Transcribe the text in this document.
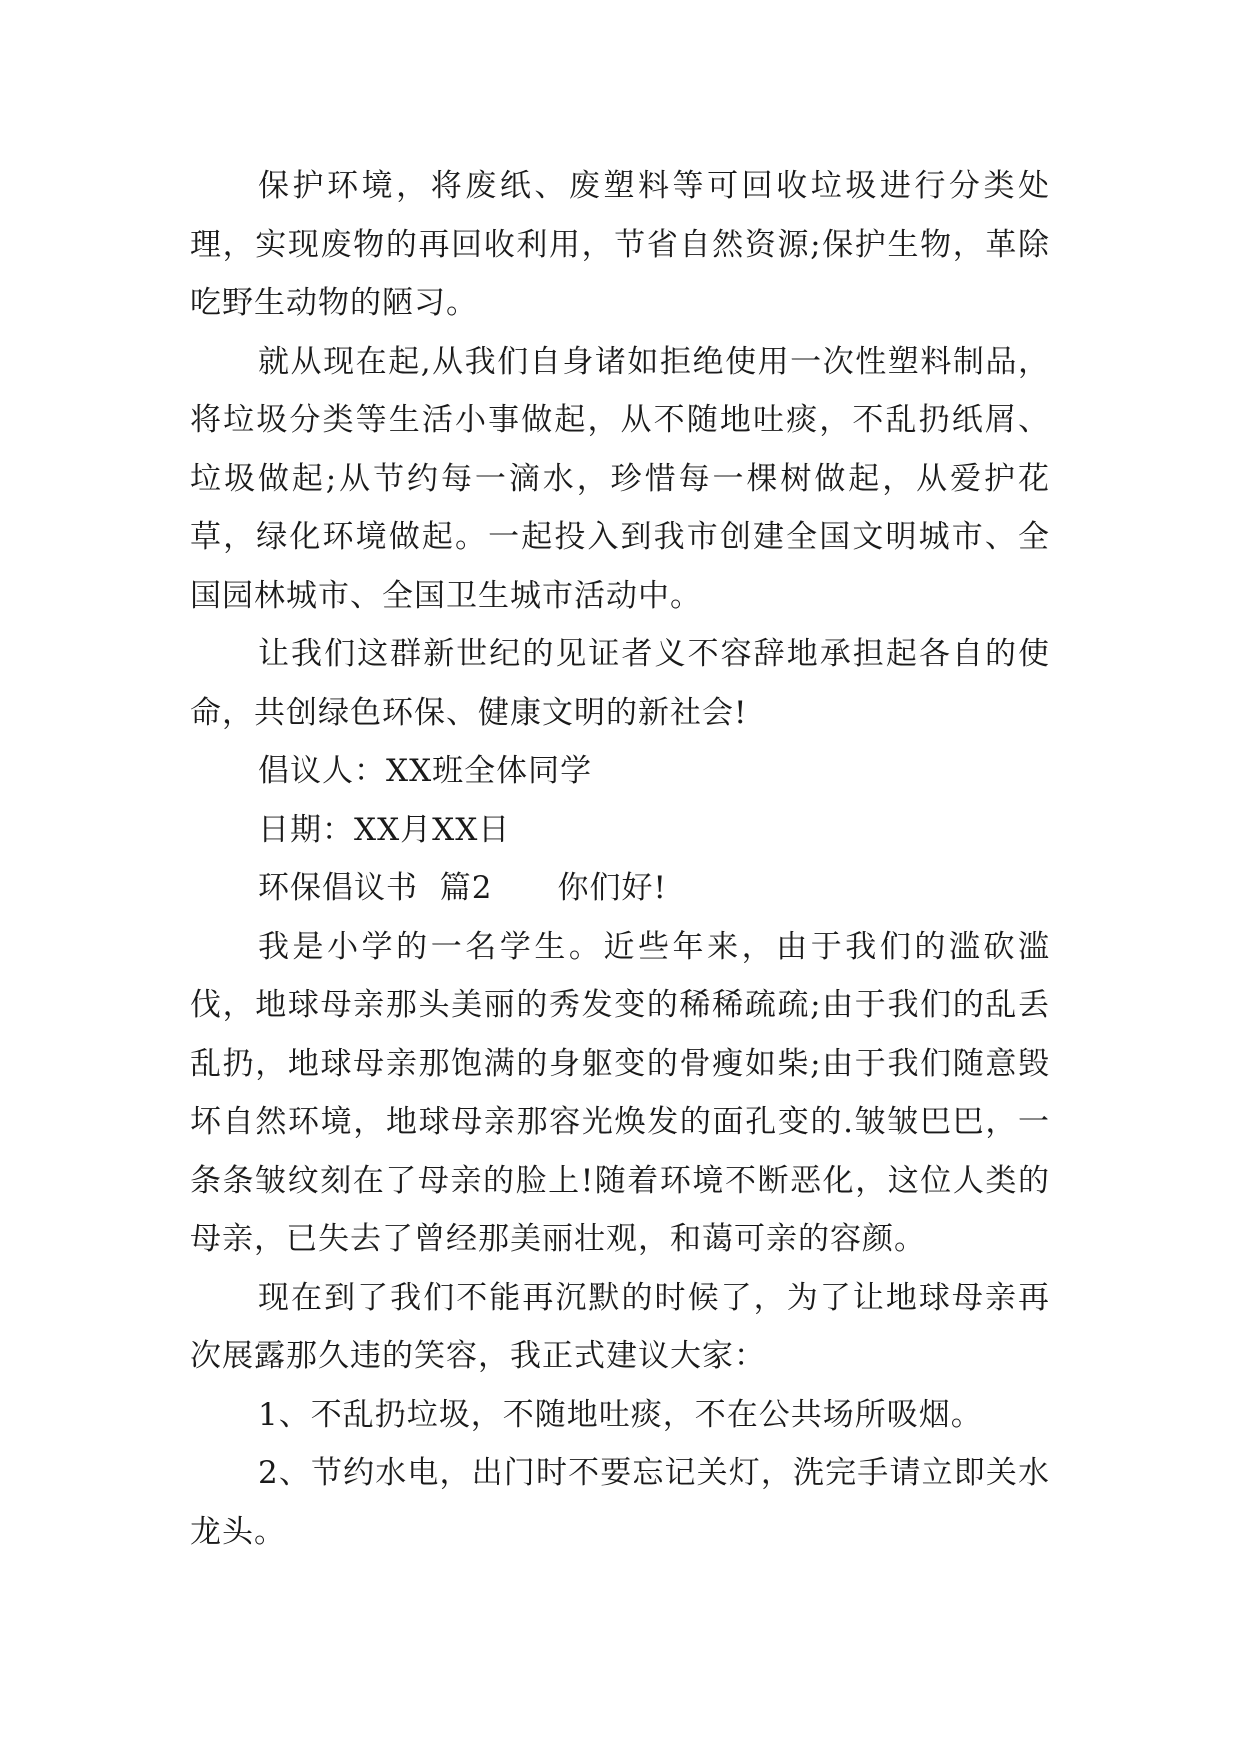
保护环境，将废纸、废塑料等可回收垃圾进行分类处理，实现废物的再回收利用，节省自然资源;保护生物，革除吃野生动物的陋习。

就从现在起,从我们自身诸如拒绝使用一次性塑料制品，将垃圾分类等生活小事做起，从不随地吐痰，不乱扔纸屑、垃圾做起;从节约每一滴水，珍惜每一棵树做起，从爱护花草，绿化环境做起。一起投入到我市创建全国文明城市、全国园林城市、全国卫生城市活动中。

让我们这群新世纪的见证者义不容辞地承担起各自的使命，共创绿色环保、健康文明的新社会!

倡议人：XX班全体同学

日期：XX月XX日

环保倡议书  篇2      你们好!

我是小学的一名学生。近些年来，由于我们的滥砍滥伐，地球母亲那头美丽的秀发变的稀稀疏疏;由于我们的乱丢乱扔，地球母亲那饱满的身躯变的骨瘦如柴;由于我们随意毁坏自然环境，地球母亲那容光焕发的面孔变的.皱皱巴巴，一条条皱纹刻在了母亲的脸上!随着环境不断恶化，这位人类的母亲，已失去了曾经那美丽壮观，和蔼可亲的容颜。

现在到了我们不能再沉默的时候了，为了让地球母亲再次展露那久违的笑容，我正式建议大家：

1、不乱扔垃圾，不随地吐痰，不在公共场所吸烟。

2、节约水电，出门时不要忘记关灯，洗完手请立即关水龙头。
